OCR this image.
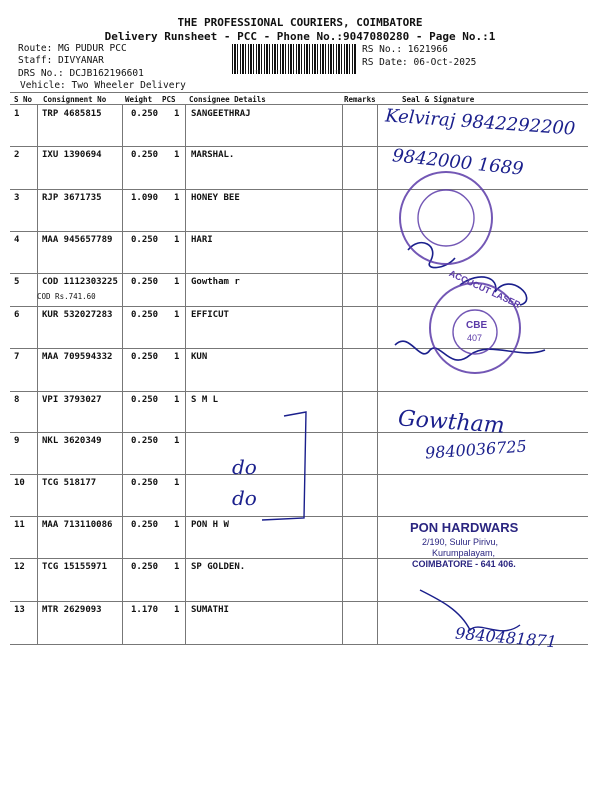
THE PROFESSIONAL COURIERS, COIMBATORE
Delivery Runsheet - PCC - Phone No.:9047080280 - Page No.:1
Route: MG PUDUR PCC
Staff: DIVYANAR
DRS No.: DCJB162196601
Vehicle: Two Wheeler Delivery
RS No.: 1621966
RS Date: 06-Oct-2025
S No Consignment No	Weight PCS Consignee Details	Remarks	Seal & Signature
1	TRP 4685815	0.250 1 SANGEETHRAJ
2	IXU 1390694	0.250 1 MARSHAL.
3	RJP 3671735	1.090 1 HONEY BEE
4	MAA 945657789 0.250 1 HARI
5	COD 1112303225 0.250 1 Gowtham r
COD Rs.741.60
6	KUR 532027283 0.250 1 EFFICUT
7	MAA 709594332 0.250 1 KUN
8	VPI 3793027	0.250 1 S M L
9	NKL 3620349	0.250 1
10 TCG 518177	0.250 1
11 MAA 713110086 0.250 1 PON H W
12 TCG 15155971	0.250 1 SP GOLDEN.
13 MTR 2629093	1.170 1 SUMATHI
Kelviraj 9842292200
9842000 1689
Gowtham
9840036725
do
do
9840481871
ACCUCUT LASER
CBE
407
PON HARDWARS
2/190, Sulur Pirivu,
Kurumpalayam,
COIMBATORE - 641 406.
